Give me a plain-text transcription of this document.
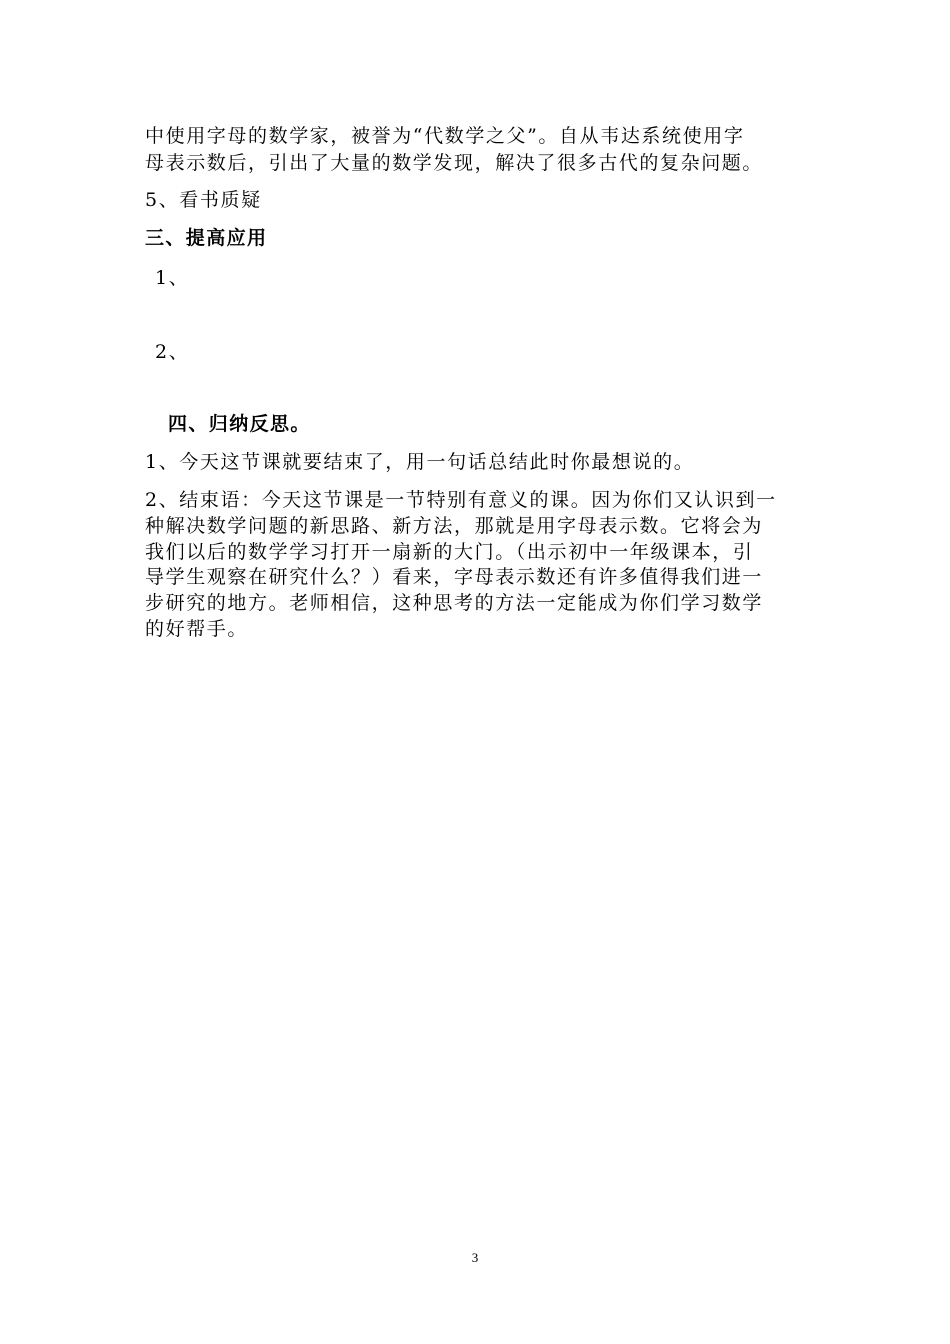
中使用字母的数学家，被誉为“代数学之父”。自从韦达系统使用字
母表示数后，引出了大量的数学发现，解决了很多古代的复杂问题。
5、看书质疑
三、提高应用
1、
2、
四、归纳反思。
1、今天这节课就要结束了，用一句话总结此时你最想说的。
2、结束语：今天这节课是一节特别有意义的课。因为你们又认识到一
种解决数学问题的新思路、新方法，那就是用字母表示数。它将会为
我们以后的数学学习打开一扇新的大门。（出示初中一年级课本，引
导学生观察在研究什么？）看来，字母表示数还有许多值得我们进一
步研究的地方。老师相信，这种思考的方法一定能成为你们学习数学
的好帮手。
3
